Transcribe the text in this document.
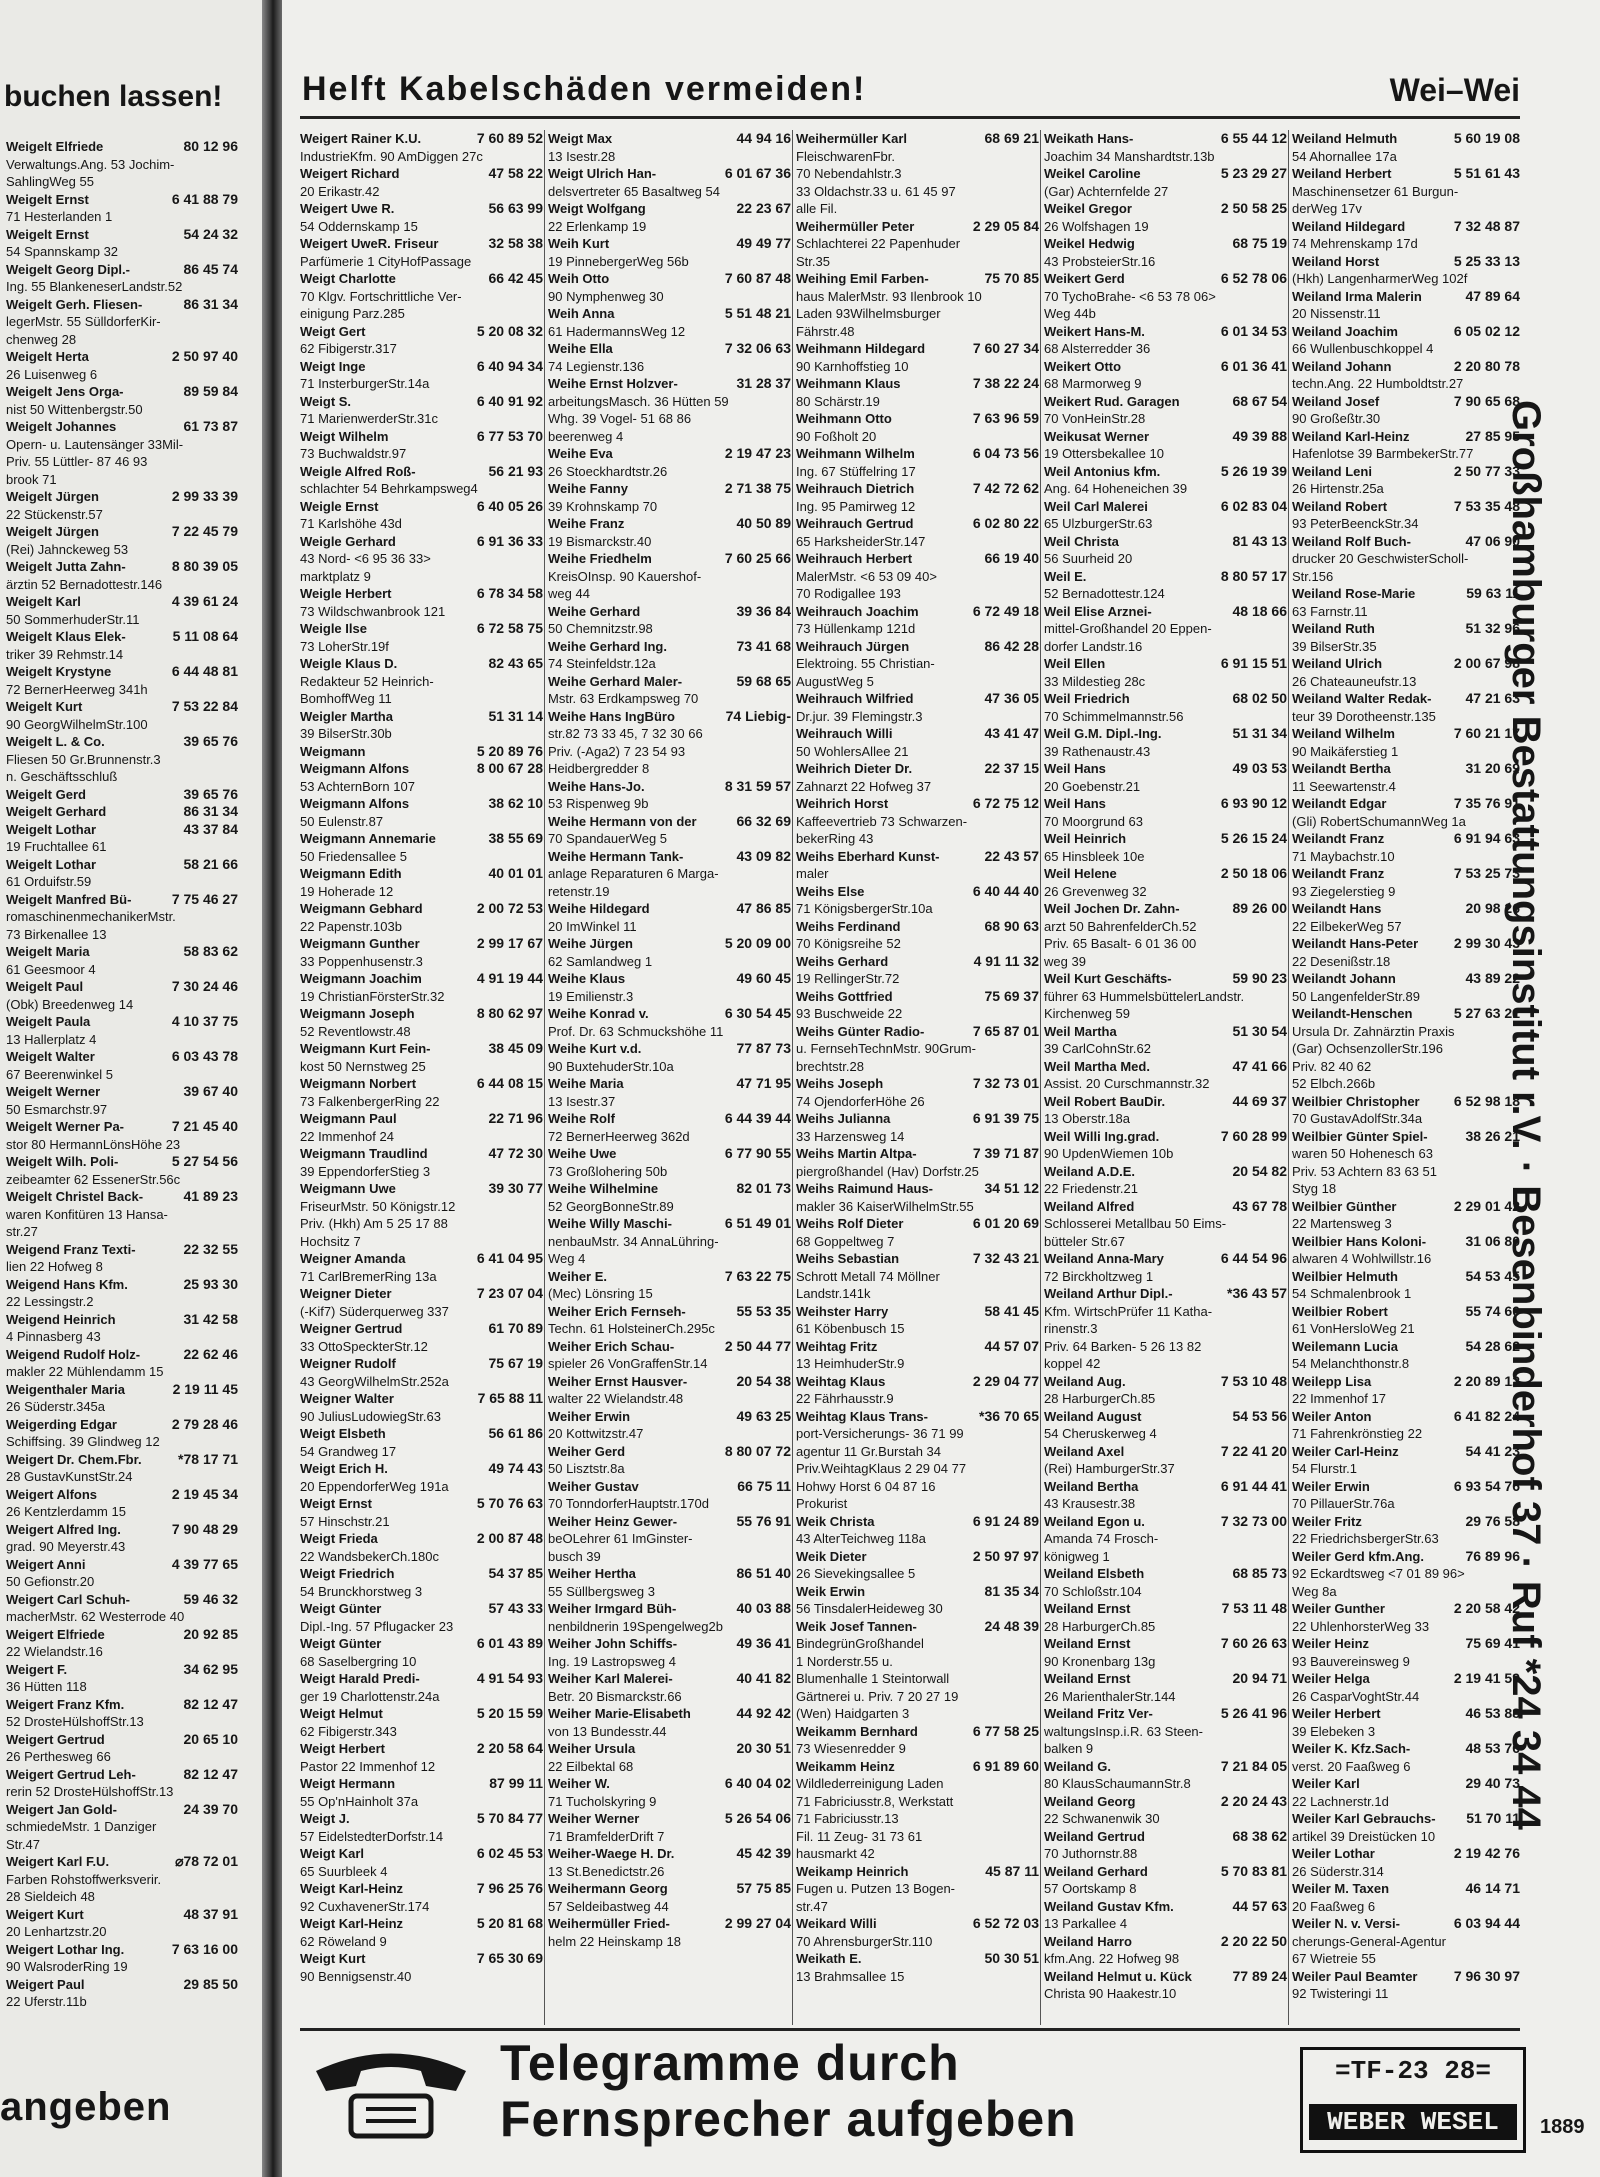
buchen lassen!
80 12 96
Weigelt Elfriede
Verwaltungs.Ang. 53 Jochim-
SahlingWeg 55
6 41 88 79
Weigelt Ernst
71 Hesterlanden 1
54 24 32
Weigelt Ernst
54 Spannskamp 32
86 45 74
Weigelt Georg Dipl.-
Ing. 55 BlankeneserLandstr.52
86 31 34
Weigelt Gerh. Fliesen-
legerMstr. 55 SülldorferKir-
chenweg 28
2 50 97 40
Weigelt Herta
26 Luisenweg 6
89 59 84
Weigelt Jens Orga-
nist 50 Wittenbergstr.50
61 73 87
Weigelt Johannes
Opern- u. Lautensänger 33Mil-
Priv. 55 Lüttler- 87 46 93
brook 71
2 99 33 39
Weigelt Jürgen
22 Stückenstr.57
7 22 45 79
Weigelt Jürgen
(Rei) Jahnckeweg 53
8 80 39 05
Weigelt Jutta Zahn-
ärztin 52 Bernadottestr.146
4 39 61 24
Weigelt Karl
50 SommerhuderStr.11
5 11 08 64
Weigelt Klaus Elek-
triker 39 Rehmstr.14
6 44 48 81
Weigelt Krystyne
72 BernerHeerweg 341h
7 53 22 84
Weigelt Kurt
90 GeorgWilhelmStr.100
39 65 76
Weigelt L. & Co.
Fliesen 50 Gr.Brunnenstr.3
n. Geschäftsschluß
39 65 76
Weigelt Gerd
86 31 34
Weigelt Gerhard
43 37 84
Weigelt Lothar
19 Fruchtallee 61
58 21 66
Weigelt Lothar
61 Orduifstr.59
7 75 46 27
Weigelt Manfred Bü-
romaschinenmechanikerMstr.
73 Birkenallee 13
58 83 62
Weigelt Maria
61 Geesmoor 4
7 30 24 46
Weigelt Paul
(Obk) Breedenweg 14
4 10 37 75
Weigelt Paula
13 Hallerplatz 4
6 03 43 78
Weigelt Walter
67 Beerenwinkel 5
39 67 40
Weigelt Werner
50 Esmarchstr.97
7 21 45 40
Weigelt Werner Pa-
stor 80 HermannLönsHöhe 23
5 27 54 56
Weigelt Wilh. Poli-
zeibeamter 62 EssenerStr.56c
41 89 23
Weigelt Christel Back-
waren Konfitüren 13 Hansa-
str.27
22 32 55
Weigend Franz Texti-
lien 22 Hofweg 8
25 93 30
Weigend Hans Kfm.
22 Lessingstr.2
31 42 58
Weigend Heinrich
4 Pinnasberg 43
22 62 46
Weigend Rudolf Holz-
makler 22 Mühlendamm 15
2 19 11 45
Weigenthaler Maria
26 Süderstr.345a
2 79 28 46
Weigerding Edgar
Schiffsing. 39 Glindweg 12
*78 17 71
Weigert Dr. Chem.Fbr.
28 GustavKunstStr.24
2 19 45 34
Weigert Alfons
26 Kentzlerdamm 15
7 90 48 29
Weigert Alfred Ing.
grad. 90 Meyerstr.43
4 39 77 65
Weigert Anni
50 Gefionstr.20
59 46 32
Weigert Carl Schuh-
macherMstr. 62 Westerrode 40
20 92 85
Weigert Elfriede
22 Wielandstr.16
34 62 95
Weigert F.
36 Hütten 118
82 12 47
Weigert Franz Kfm.
52 DrosteHülshoffStr.13
20 65 10
Weigert Gertrud
26 Perthesweg 66
82 12 47
Weigert Gertrud Leh-
rerin 52 DrosteHülshoffStr.13
24 39 70
Weigert Jan Gold-
schmiedeMstr. 1 Danziger
Str.47
⌀78 72 01
Weigert Karl F.U.
Farben Rohstoffwerksverir.
28 Sieldeich 48
48 37 91
Weigert Kurt
20 Lenhartzstr.20
7 63 16 00
Weigert Lothar Ing.
90 WalsroderRing 19
29 85 50
Weigert Paul
22 Uferstr.11b
angeben
Helft Kabelschäden vermeiden!	Wei–Wei
7 60 89 52
Weigert Rainer K.U.
IndustrieKfm. 90 AmDiggen 27c
47 58 22
Weigert Richard
20 Erikastr.42
56 63 99
Weigert Uwe R.
54 Oddernskamp 15
32 58 38
Weigert UweR. Friseur
Parfümerie 1 CityHofPassage
66 42 45
Weigt Charlotte
70 Klgv. Fortschrittliche Ver-
einigung Parz.285
5 20 08 32
Weigt Gert
62 Fibigerstr.317
6 40 94 34
Weigt Inge
71 InsterburgerStr.14a
6 40 91 92
Weigt S.
71 MarienwerderStr.31c
6 77 53 70
Weigt Wilhelm
73 Buchwaldstr.97
56 21 93
Weigle Alfred Roß-
schlachter 54 Behrkampsweg4
6 40 05 26
Weigle Ernst
71 Karlshöhe 43d
6 91 36 33
Weigle Gerhard
43 Nord- <6 95 36 33>
marktplatz 9
6 78 34 58
Weigle Herbert
73 Wildschwanbrook 121
6 72 58 75
Weigle Ilse
73 LoherStr.19f
82 43 65
Weigle Klaus D.
Redakteur 52 Heinrich-
BomhoffWeg 11
51 31 14
Weigler Martha
39 BilserStr.30b
5 20 89 76
Weigmann
8 00 67 28
Weigmann Alfons
53 AchternBorn 107
38 62 10
Weigmann Alfons
50 Eulenstr.87
38 55 69
Weigmann Annemarie
50 Friedensallee 5
40 01 01
Weigmann Edith
19 Hoherade 12
2 00 72 53
Weigmann Gebhard
22 Papenstr.103b
2 99 17 67
Weigmann Gunther
33 Poppenhusenstr.3
4 91 19 44
Weigmann Joachim
19 ChristianFörsterStr.32
8 80 62 97
Weigmann Joseph
52 Reventlowstr.48
38 45 09
Weigmann Kurt Fein-
kost 50 Nernstweg 25
6 44 08 15
Weigmann Norbert
73 FalkenbergerRing 22
22 71 96
Weigmann Paul
22 Immenhof 24
47 72 30
Weigmann Traudlind
39 EppendorferStieg 3
39 30 77
Weigmann Uwe
FriseurMstr. 50 Königstr.12
Priv. (Hkh) Am 5 25 17 88
Hochsitz 7
6 41 04 95
Weigner Amanda
71 CarlBremerRing 13a
7 23 07 04
Weigner Dieter
(-Kif7) Süderquerweg 337
61 70 89
Weigner Gertrud
33 OttoSpeckterStr.12
75 67 19
Weigner Rudolf
43 GeorgWilhelmStr.252a
7 65 88 11
Weigner Walter
90 JuliusLudowiegStr.63
56 61 86
Weigt Elsbeth
54 Grandweg 17
49 74 43
Weigt Erich H.
20 EppendorferWeg 191a
5 70 76 63
Weigt Ernst
57 Hinschstr.21
2 00 87 48
Weigt Frieda
22 WandsbekerCh.180c
54 37 85
Weigt Friedrich
54 Brunckhorstweg 3
57 43 33
Weigt Günter
Dipl.-Ing. 57 Pflugacker 23
6 01 43 89
Weigt Günter
68 Saselbergring 10
4 91 54 93
Weigt Harald Predi-
ger 19 Charlottenstr.24a
5 20 15 59
Weigt Helmut
62 Fibigerstr.343
2 20 58 64
Weigt Herbert
Pastor 22 Immenhof 12
87 99 11
Weigt Hermann
55 Op'nHainholt 37a
5 70 84 77
Weigt J.
57 EidelstedterDorfstr.14
6 02 45 53
Weigt Karl
65 Suurbleek 4
7 96 25 76
Weigt Karl-Heinz
92 CuxhavenerStr.174
5 20 81 68
Weigt Karl-Heinz
62 Röweland 9
7 65 30 69
Weigt Kurt
90 Bennigsenstr.40
44 94 16
Weigt Max
13 Isestr.28
6 01 67 36
Weigt Ulrich Han-
delsvertreter 65 Basaltweg 54
22 23 67
Weigt Wolfgang
22 Erlenkamp 19
49 49 77
Weih Kurt
19 PinnebergerWeg 56b
7 60 87 48
Weih Otto
90 Nymphenweg 30
5 51 48 21
Weih Anna
61 HadermannsWeg 12
7 32 06 63
Weihe Ella
74 Legienstr.136
31 28 37
Weihe Ernst Holzver-
arbeitungsMasch. 36 Hütten 59
Whg. 39 Vogel- 51 68 86
beerenweg 4
2 19 47 23
Weihe Eva
26 Stoeckhardtstr.26
2 71 38 75
Weihe Fanny
39 Krohnskamp 70
40 50 89
Weihe Franz
19 Bismarckstr.40
7 60 25 66
Weihe Friedhelm
KreisOInsp. 90 Kauershof-
weg 44
39 36 84
Weihe Gerhard
50 Chemnitzstr.98
73 41 68
Weihe Gerhard Ing.
74 Steinfeldstr.12a
59 68 65
Weihe Gerhard Maler-
Mstr. 63 Erdkampsweg 70
74 Liebig-
Weihe Hans IngBüro
str.82 73 33 45, 7 32 30 66
Priv. (-Aga2) 7 23 54 93
Heidbergredder 8
8 31 59 57
Weihe Hans-Jo.
53 Rispenweg 9b
66 32 69
Weihe Hermann von der
70 SpandauerWeg 5
43 09 82
Weihe Hermann Tank-
anlage Reparaturen 6 Marga-
retenstr.19
47 86 85
Weihe Hildegard
20 ImWinkel 11
5 20 09 00
Weihe Jürgen
62 Samlandweg 1
49 60 45
Weihe Klaus
19 Emilienstr.3
6 30 54 45
Weihe Konrad v.
Prof. Dr. 63 Schmuckshöhe 11
77 87 73
Weihe Kurt v.d.
90 BuxtehuderStr.10a
47 71 95
Weihe Maria
13 Isestr.37
6 44 39 44
Weihe Rolf
72 BernerHeerweg 362d
6 77 90 55
Weihe Uwe
73 Großlohering 50b
82 01 73
Weihe Wilhelmine
52 GeorgBonneStr.89
6 51 49 01
Weihe Willy Maschi-
nenbauMstr. 34 AnnaLühring-
Weg 4
7 63 22 75
Weiher E.
(Mec) Lönsring 15
55 53 35
Weiher Erich Fernseh-
Techn. 61 HolsteinerCh.295c
2 50 44 77
Weiher Erich Schau-
spieler 26 VonGraffenStr.14
20 54 38
Weiher Ernst Hausver-
walter 22 Wielandstr.48
49 63 25
Weiher Erwin
20 Kottwitzstr.47
8 80 07 72
Weiher Gerd
50 Lisztstr.8a
66 75 11
Weiher Gustav
70 TonndorferHauptstr.170d
55 76 91
Weiher Heinz Gewer-
beOLehrer 61 ImGinster-
busch 39
86 51 40
Weiher Hertha
55 Süllbergsweg 3
40 03 88
Weiher Irmgard Büh-
nenbildnerin 19Spengelweg2b
49 36 41
Weiher John Schiffs-
Ing. 19 Lastropsweg 4
40 41 82
Weiher Karl Malerei-
Betr. 20 Bismarckstr.66
44 92 42
Weiher Marie-Elisabeth
von 13 Bundesstr.44
20 30 51
Weiher Ursula
22 Eilbektal 68
6 40 04 02
Weiher W.
71 Tucholskyring 9
5 26 54 06
Weiher Werner
71 BramfelderDrift 7
45 42 39
Weiher-Waege H. Dr.
13 St.Benedictstr.26
57 75 85
Weihermann Georg
57 Seldeibastweg 44
2 99 27 04
Weihermüller Fried-
helm 22 Heinskamp 18
68 69 21
Weihermüller Karl
FleischwarenFbr.
70 Nebendahlstr.3
33 Oldachstr.33 u. 61 45 97
alle Fil.
2 29 05 84
Weihermüller Peter
Schlachterei 22 Papenhuder
Str.35
75 70 85
Weihing Emil Farben-
haus MalerMstr. 93 Ilenbrook 10
Laden 93Wilhelmsburger
Fährstr.48
7 60 27 34
Weihmann Hildegard
90 Karnhoffstieg 10
7 38 22 24
Weihmann Klaus
80 Schärstr.19
7 63 96 59
Weihmann Otto
90 Foßholt 20
6 04 73 56
Weihmann Wilhelm
Ing. 67 Stüffelring 17
7 42 72 62
Weihrauch Dietrich
Ing. 95 Pamirweg 12
6 02 80 22
Weihrauch Gertrud
65 HarksheiderStr.147
66 19 40
Weihrauch Herbert
MalerMstr. <6 53 09 40>
70 Rodigallee 193
6 72 49 18
Weihrauch Joachim
73 Hüllenkamp 121d
86 42 28
Weihrauch Jürgen
Elektroing. 55 Christian-
AugustWeg 5
47 36 05
Weihrauch Wilfried
Dr.jur. 39 Flemingstr.3
43 41 47
Weihrauch Willi
50 WohlersAllee 21
22 37 15
Weihrich Dieter Dr.
Zahnarzt 22 Hofweg 37
6 72 75 12
Weihrich Horst
Kaffeevertrieb 73 Schwarzen-
bekerRing 43
22 43 57
Weihs Eberhard Kunst-
maler
6 40 44 40
Weihs Else
71 KönigsbergerStr.10a
68 90 63
Weihs Ferdinand
70 Königsreihe 52
4 91 11 32
Weihs Gerhard
19 RellingerStr.72
75 69 37
Weihs Gottfried
93 Buschweide 22
7 65 87 01
Weihs Günter Radio-
u. FernsehTechnMstr. 90Grum-
brechtstr.28
7 32 73 01
Weihs Joseph
74 OjendorferHöhe 26
6 91 39 75
Weihs Julianna
33 Harzensweg 14
7 39 71 87
Weihs Martin Altpa-
piergroßhandel (Hav) Dorfstr.25
34 51 12
Weihs Raimund Haus-
makler 36 KaiserWilhelmStr.55
6 01 20 69
Weihs Rolf Dieter
68 Goppeltweg 7
7 32 43 21
Weihs Sebastian
Schrott Metall 74 Möllner
Landstr.141k
58 41 45
Weihster Harry
61 Köbenbusch 15
44 57 07
Weihtag Fritz
13 HeimhuderStr.9
2 29 04 77
Weihtag Klaus
22 Fährhausstr.9
*36 70 65
Weihtag Klaus Trans-
port-Versicherungs- 36 71 99
agentur 11 Gr.Burstah 34
Priv.WeihtagKlaus 2 29 04 77
Hohwy Horst 6 04 87 16
Prokurist
6 91 24 89
Weik Christa
43 AlterTeichweg 118a
2 50 97 97
Weik Dieter
26 Sievekingsallee 5
81 35 34
Weik Erwin
56 TinsdalerHeideweg 30
24 48 39
Weik Josef Tannen-
BindegrünGroßhandel
1 Norderstr.55 u.
Blumenhalle 1 Steintorwall
Gärtnerei u. Priv. 7 20 27 19
(Wen) Haidgarten 3
6 77 58 25
Weikamm Bernhard
73 Wiesenredder 9
6 91 89 60
Weikamm Heinz
Wildlederreinigung Laden
71 Fabriciusstr.8, Werkstatt
71 Fabriciusstr.13
Fil. 11 Zeug- 31 73 61
hausmarkt 42
45 87 11
Weikamp Heinrich
Fugen u. Putzen 13 Bogen-
str.47
6 52 72 03
Weikard Willi
70 AhrensburgerStr.110
50 30 51
Weikath E.
13 Brahmsallee 15
6 55 44 12
Weikath Hans-
Joachim 34 Manshardtstr.13b
5 23 29 27
Weikel Caroline
(Gar) Achternfelde 27
2 50 58 25
Weikel Gregor
26 Wolfshagen 19
68 75 19
Weikel Hedwig
43 ProbsteierStr.16
6 52 78 06
Weikert Gerd
70 TychoBrahe- <6 53 78 06>
Weg 44b
6 01 34 53
Weikert Hans-M.
68 Alsterredder 36
6 01 36 41
Weikert Otto
68 Marmorweg 9
68 67 54
Weikert Rud. Garagen
70 VonHeinStr.28
49 39 88
Weikusat Werner
19 Ottersbekallee 10
5 26 19 39
Weil Antonius kfm.
Ang. 64 Hoheneichen 39
6 02 83 04
Weil Carl Malerei
65 UlzburgerStr.63
81 43 13
Weil Christa
56 Suurheid 20
8 80 57 17
Weil E.
52 Bernadottestr.124
48 18 66
Weil Elise Arznei-
mittel-Großhandel 20 Eppen-
dorfer Landstr.16
6 91 15 51
Weil Ellen
33 Mildestieg 28c
68 02 50
Weil Friedrich
70 Schimmelmannstr.56
51 31 34
Weil G.M. Dipl.-Ing.
39 Rathenaustr.43
49 03 53
Weil Hans
20 Goebenstr.21
6 93 90 12
Weil Hans
70 Moorgrund 63
5 26 15 24
Weil Heinrich
65 Hinsbleek 10e
2 50 18 06
Weil Helene
26 Grevenweg 32
89 26 00
Weil Jochen Dr. Zahn-
arzt 50 BahrenfelderCh.52
Priv. 65 Basalt- 6 01 36 00
weg 39
59 90 23
Weil Kurt Geschäfts-
führer 63 HummelsbüttelerLandstr.
Kirchenweg 59
51 30 54
Weil Martha
39 CarlCohnStr.62
47 41 66
Weil Martha Med.
Assist. 20 Curschmannstr.32
44 69 37
Weil Robert BauDir.
13 Oberstr.18a
7 60 28 99
Weil Willi Ing.grad.
90 UpdenWiemen 10b
20 54 82
Weiland A.D.E.
22 Friedenstr.21
43 67 78
Weiland Alfred
Schlosserei Metallbau 50 Eims-
bütteler Str.67
6 44 54 96
Weiland Anna-Mary
72 Birckholtzweg 1
*36 43 57
Weiland Arthur Dipl.-
Kfm. WirtschPrüfer 11 Katha-
rinenstr.3
Priv. 64 Barken- 5 26 13 82
koppel 42
7 53 10 48
Weiland Aug.
28 HarburgerCh.85
54 53 56
Weiland August
54 Cheruskerweg 4
7 22 41 20
Weiland Axel
(Rei) HamburgerStr.37
6 91 44 41
Weiland Bertha
43 Krausestr.38
7 32 73 00
Weiland Egon u.
Amanda 74 Frosch-
königweg 1
68 85 73
Weiland Elsbeth
70 Schloßstr.104
7 53 11 48
Weiland Ernst
28 HarburgerCh.85
7 60 26 63
Weiland Ernst
90 Kronenbarg 13g
20 94 71
Weiland Ernst
26 MarienthalerStr.144
5 26 41 96
Weiland Fritz Ver-
waltungsInsp.i.R. 63 Steen-
balken 9
7 21 84 05
Weiland G.
80 KlausSchaumannStr.8
2 20 24 43
Weiland Georg
22 Schwanenwik 30
68 38 62
Weiland Gertrud
70 Juthornstr.88
5 70 83 81
Weiland Gerhard
57 Oortskamp 8
44 57 63
Weiland Gustav Kfm.
13 Parkallee 4
2 20 22 50
Weiland Harro
kfm.Ang. 22 Hofweg 98
77 89 24
Weiland Helmut u. Kück
Christa 90 Haakestr.10
5 60 19 08
Weiland Helmuth
54 Ahornallee 17a
5 51 61 43
Weiland Herbert
Maschinensetzer 61 Burgun-
derWeg 17v
7 32 48 87
Weiland Hildegard
74 Mehrenskamp 17d
5 25 33 13
Weiland Horst
(Hkh) LangenharmerWeg 102f
47 89 64
Weiland Irma Malerin
20 Nissenstr.11
6 05 02 12
Weiland Joachim
66 Wullenbuschkoppel 4
2 20 80 78
Weiland Johann
techn.Ang. 22 Humboldtstr.27
7 90 65 68
Weiland Josef
90 Großeßtr.30
27 85 95
Weiland Karl-Heinz
Hafenlotse 39 BarmbekerStr.77
2 50 77 33
Weiland Leni
26 Hirtenstr.25a
7 53 35 48
Weiland Robert
93 PeterBeenckStr.34
47 06 90
Weiland Rolf Buch-
drucker 20 GeschwisterScholl-
Str.156
59 63 11
Weiland Rose-Marie
63 Farnstr.11
51 32 96
Weiland Ruth
39 BilserStr.35
2 00 67 98
Weiland Ulrich
26 Chateauneufstr.13
47 21 63
Weiland Walter Redak-
teur 39 Dorotheenstr.135
7 60 21 17
Weiland Wilhelm
90 Maikäferstieg 1
31 20 69
Weilandt Bertha
11 Seewartenstr.4
7 35 76 91
Weilandt Edgar
(Gli) RobertSchumannWeg 1a
6 91 94 63
Weilandt Franz
71 Maybachstr.10
7 53 25 73
Weilandt Franz
93 Ziegelerstieg 9
20 98 26
Weilandt Hans
22 EilbekerWeg 57
2 99 30 43
Weilandt Hans-Peter
22 Desenißstr.18
43 89 22
Weilandt Johann
50 LangenfelderStr.89
5 27 63 21
Weilandt-Henschen
Ursula Dr. Zahnärztin Praxis
(Gar) OchsenzollerStr.196
Priv. 82 40 62
52 Elbch.266b
6 52 98 18
Weilbier Christopher
70 GustavAdolfStr.34a
38 26 21
Weilbier Günter Spiel-
waren 50 Hohenesch 63
Priv. 53 Achtern 83 63 51
Styg 18
2 29 01 42
Weilbier Günther
22 Martensweg 3
31 06 80
Weilbier Hans Koloni-
alwaren 4 Wohlwillstr.16
54 53 45
Weilbier Helmuth
54 Schmalenbrook 1
55 74 60
Weilbier Robert
61 VonHersloWeg 21
54 28 62
Weilemann Lucia
54 Melanchthonstr.8
2 20 89 12
Weilepp Lisa
22 Immenhof 17
6 41 82 24
Weiler Anton
71 Fahrenkrönstieg 22
54 41 23
Weiler Carl-Heinz
54 Flurstr.1
6 93 54 76
Weiler Erwin
70 PillauerStr.76a
29 76 58
Weiler Fritz
22 FriedrichsbergerStr.63
76 89 96
Weiler Gerd kfm.Ang.
92 Eckardtsweg <7 01 89 96>
Weg 8a
2 20 58 42
Weiler Gunther
22 UhlenhorsterWeg 33
75 69 41
Weiler Heinz
93 Bauvereinsweg 9
2 19 41 59
Weiler Helga
26 CasparVoghtStr.44
46 53 88
Weiler Herbert
39 Elebeken 3
48 53 76
Weiler K. Kfz.Sach-
verst. 20 Faaßweg 6
29 40 73
Weiler Karl
22 Lachnerstr.1d
51 70 11
Weiler Karl Gebrauchs-
artikel 39 Dreistücken 10
2 19 42 76
Weiler Lothar
26 Süderstr.314
46 14 71
Weiler M. Taxen
20 Faaßweg 6
6 03 94 44
Weiler N. v. Versi-
cherungs-General-Agentur
67 Wietreie 55
7 96 30 97
Weiler Paul Beamter
92 Twisteringi 11
Großhamburger Bestattungsinstitut r.V. · Besenbinderhof 37 · Ruf *24 34 44
Telegramme durch
Fernsprecher aufgeben
=TF-23 28=
WEBER WESEL	1889
